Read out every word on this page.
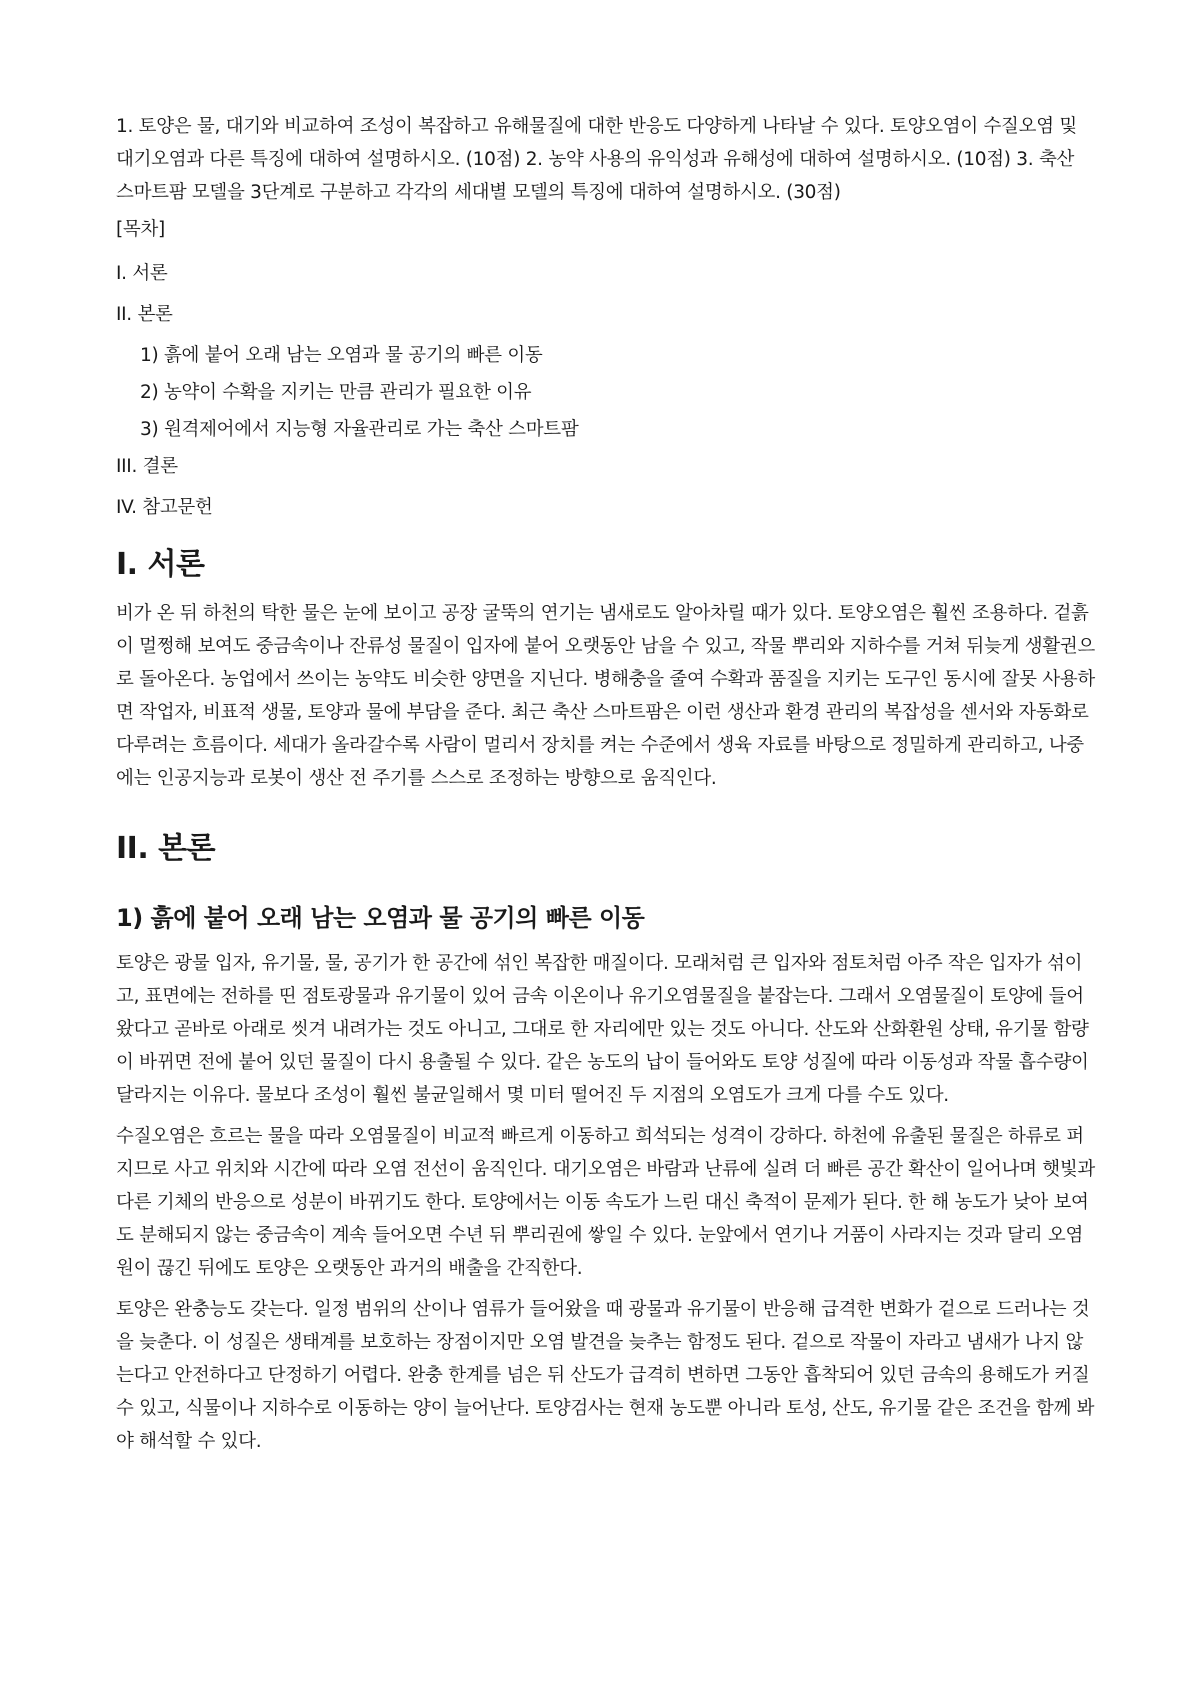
1. 토양은 물, 대기와 비교하여 조성이 복잡하고 유해물질에 대한 반응도 다양하게 나타날 수 있다. 토양오염이 수질오염 및 대기오염과 다른 특징에 대하여 설명하시오. (10점) 2. 농약 사용의 유익성과 유해성에 대하여 설명하시오. (10점) 3. 축산 스마트팜 모델을 3단계로 구분하고 각각의 세대별 모델의 특징에 대하여 설명하시오. (30점)

[목차]
I. 서론
II. 본론
1) 흙에 붙어 오래 남는 오염과 물 공기의 빠른 이동
2) 농약이 수확을 지키는 만큼 관리가 필요한 이유
3) 원격제어에서 지능형 자율관리로 가는 축산 스마트팜
III. 결론
IV. 참고문헌
I. 서론

비가 온 뒤 하천의 탁한 물은 눈에 보이고 공장 굴뚝의 연기는 냄새로도 알아차릴 때가 있다. 토양오염은 훨씬 조용하다. 겉흙이 멀쩡해 보여도 중금속이나 잔류성 물질이 입자에 붙어 오랫동안 남을 수 있고, 작물 뿌리와 지하수를 거쳐 뒤늦게 생활권으로 돌아온다. 농업에서 쓰이는 농약도 비슷한 양면을 지닌다. 병해충을 줄여 수확과 품질을 지키는 도구인 동시에 잘못 사용하면 작업자, 비표적 생물, 토양과 물에 부담을 준다. 최근 축산 스마트팜은 이런 생산과 환경 관리의 복잡성을 센서와 자동화로 다루려는 흐름이다. 세대가 올라갈수록 사람이 멀리서 장치를 켜는 수준에서 생육 자료를 바탕으로 정밀하게 관리하고, 나중에는 인공지능과 로봇이 생산 전 주기를 스스로 조정하는 방향으로 움직인다.

II. 본론
1) 흙에 붙어 오래 남는 오염과 물 공기의 빠른 이동

토양은 광물 입자, 유기물, 물, 공기가 한 공간에 섞인 복잡한 매질이다. 모래처럼 큰 입자와 점토처럼 아주 작은 입자가 섞이고, 표면에는 전하를 띤 점토광물과 유기물이 있어 금속 이온이나 유기오염물질을 붙잡는다. 그래서 오염물질이 토양에 들어왔다고 곧바로 아래로 씻겨 내려가는 것도 아니고, 그대로 한 자리에만 있는 것도 아니다. 산도와 산화환원 상태, 유기물 함량이 바뀌면 전에 붙어 있던 물질이 다시 용출될 수 있다. 같은 농도의 납이 들어와도 토양 성질에 따라 이동성과 작물 흡수량이 달라지는 이유다. 물보다 조성이 훨씬 불균일해서 몇 미터 떨어진 두 지점의 오염도가 크게 다를 수도 있다.

수질오염은 흐르는 물을 따라 오염물질이 비교적 빠르게 이동하고 희석되는 성격이 강하다. 하천에 유출된 물질은 하류로 퍼지므로 사고 위치와 시간에 따라 오염 전선이 움직인다. 대기오염은 바람과 난류에 실려 더 빠른 공간 확산이 일어나며 햇빛과 다른 기체의 반응으로 성분이 바뀌기도 한다. 토양에서는 이동 속도가 느린 대신 축적이 문제가 된다. 한 해 농도가 낮아 보여도 분해되지 않는 중금속이 계속 들어오면 수년 뒤 뿌리권에 쌓일 수 있다. 눈앞에서 연기나 거품이 사라지는 것과 달리 오염원이 끊긴 뒤에도 토양은 오랫동안 과거의 배출을 간직한다.

토양은 완충능도 갖는다. 일정 범위의 산이나 염류가 들어왔을 때 광물과 유기물이 반응해 급격한 변화가 겉으로 드러나는 것을 늦춘다. 이 성질은 생태계를 보호하는 장점이지만 오염 발견을 늦추는 함정도 된다. 겉으로 작물이 자라고 냄새가 나지 않는다고 안전하다고 단정하기 어렵다. 완충 한계를 넘은 뒤 산도가 급격히 변하면 그동안 흡착되어 있던 금속의 용해도가 커질 수 있고, 식물이나 지하수로 이동하는 양이 늘어난다. 토양검사는 현재 농도뿐 아니라 토성, 산도, 유기물 같은 조건을 함께 봐야 해석할 수 있다.
